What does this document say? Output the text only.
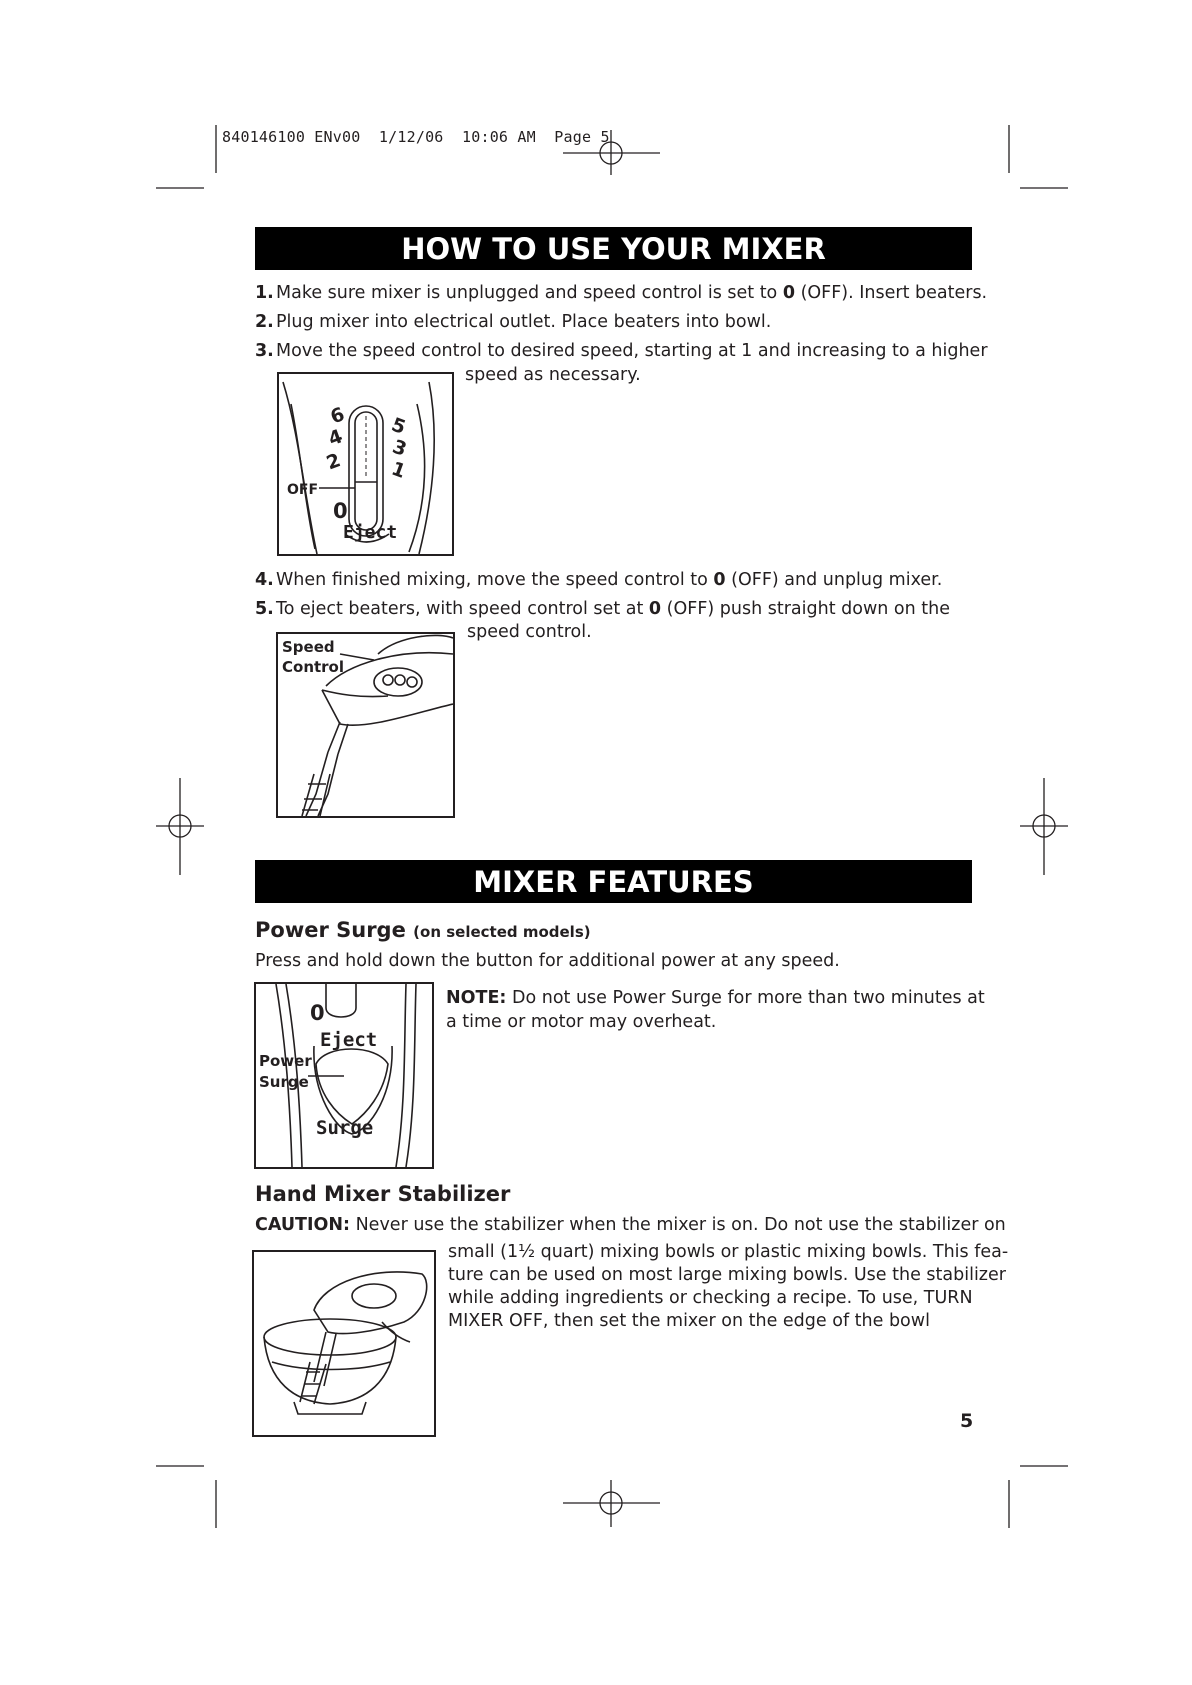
840146100 ENv00  1/12/06  10:06 AM  Page 5
HOW TO USE YOUR MIXER
1. Make sure mixer is unplugged and speed control is set to 0 (OFF). Insert beaters.
2. Plug mixer into electrical outlet. Place beaters into bowl.
3. Move the speed control to desired speed, starting at 1 and increasing to a higher
speed as necessary.
OFF
6
4
2
5
3
1
0
Eject
4. When finished mixing, move the speed control to 0 (OFF) and unplug mixer.
5. To eject beaters, with speed control set at 0 (OFF) push straight down on the
speed control.
Speed
Control
MIXER FEATURES
Power Surge (on selected models)
Press and hold down the button for additional power at any speed.
0
Eject
Power
Surge
Surge
NOTE: Do not use Power Surge for more than two minutes at
a time or motor may overheat.
Hand Mixer Stabilizer
CAUTION: Never use the stabilizer when the mixer is on. Do not use the stabilizer on
small (1½ quart) mixing bowls or plastic mixing bowls. This fea-
ture can be used on most large mixing bowls. Use the stabilizer
while adding ingredients or checking a recipe. To use, TURN
MIXER OFF, then set the mixer on the edge of the bowl
5
